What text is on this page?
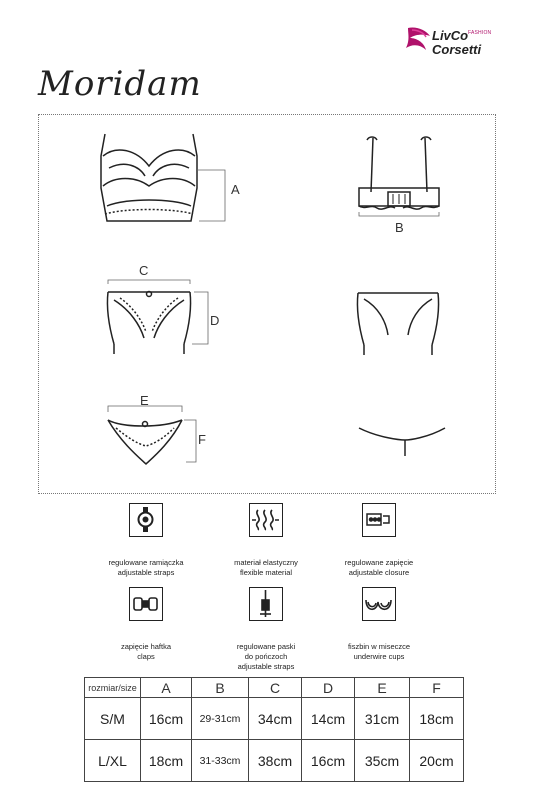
LivCo FASHION
Corsetti
Moridam
A
B
C
D
E
F
regulowane ramiączka
adjustable straps
materiał elastyczny
flexible material
regulowane zapięcie
adjustable closure
zapięcie haftka
claps
regulowane paski
do pończoch
adjustable straps
fiszbin w miseczce
underwire cups
rozmiar/size	A	B	C	D	E	F
S/M	16cm	29-31cm	34cm	14cm	31cm	18cm
L/XL	18cm	31-33cm	38cm	16cm	35cm	20cm
